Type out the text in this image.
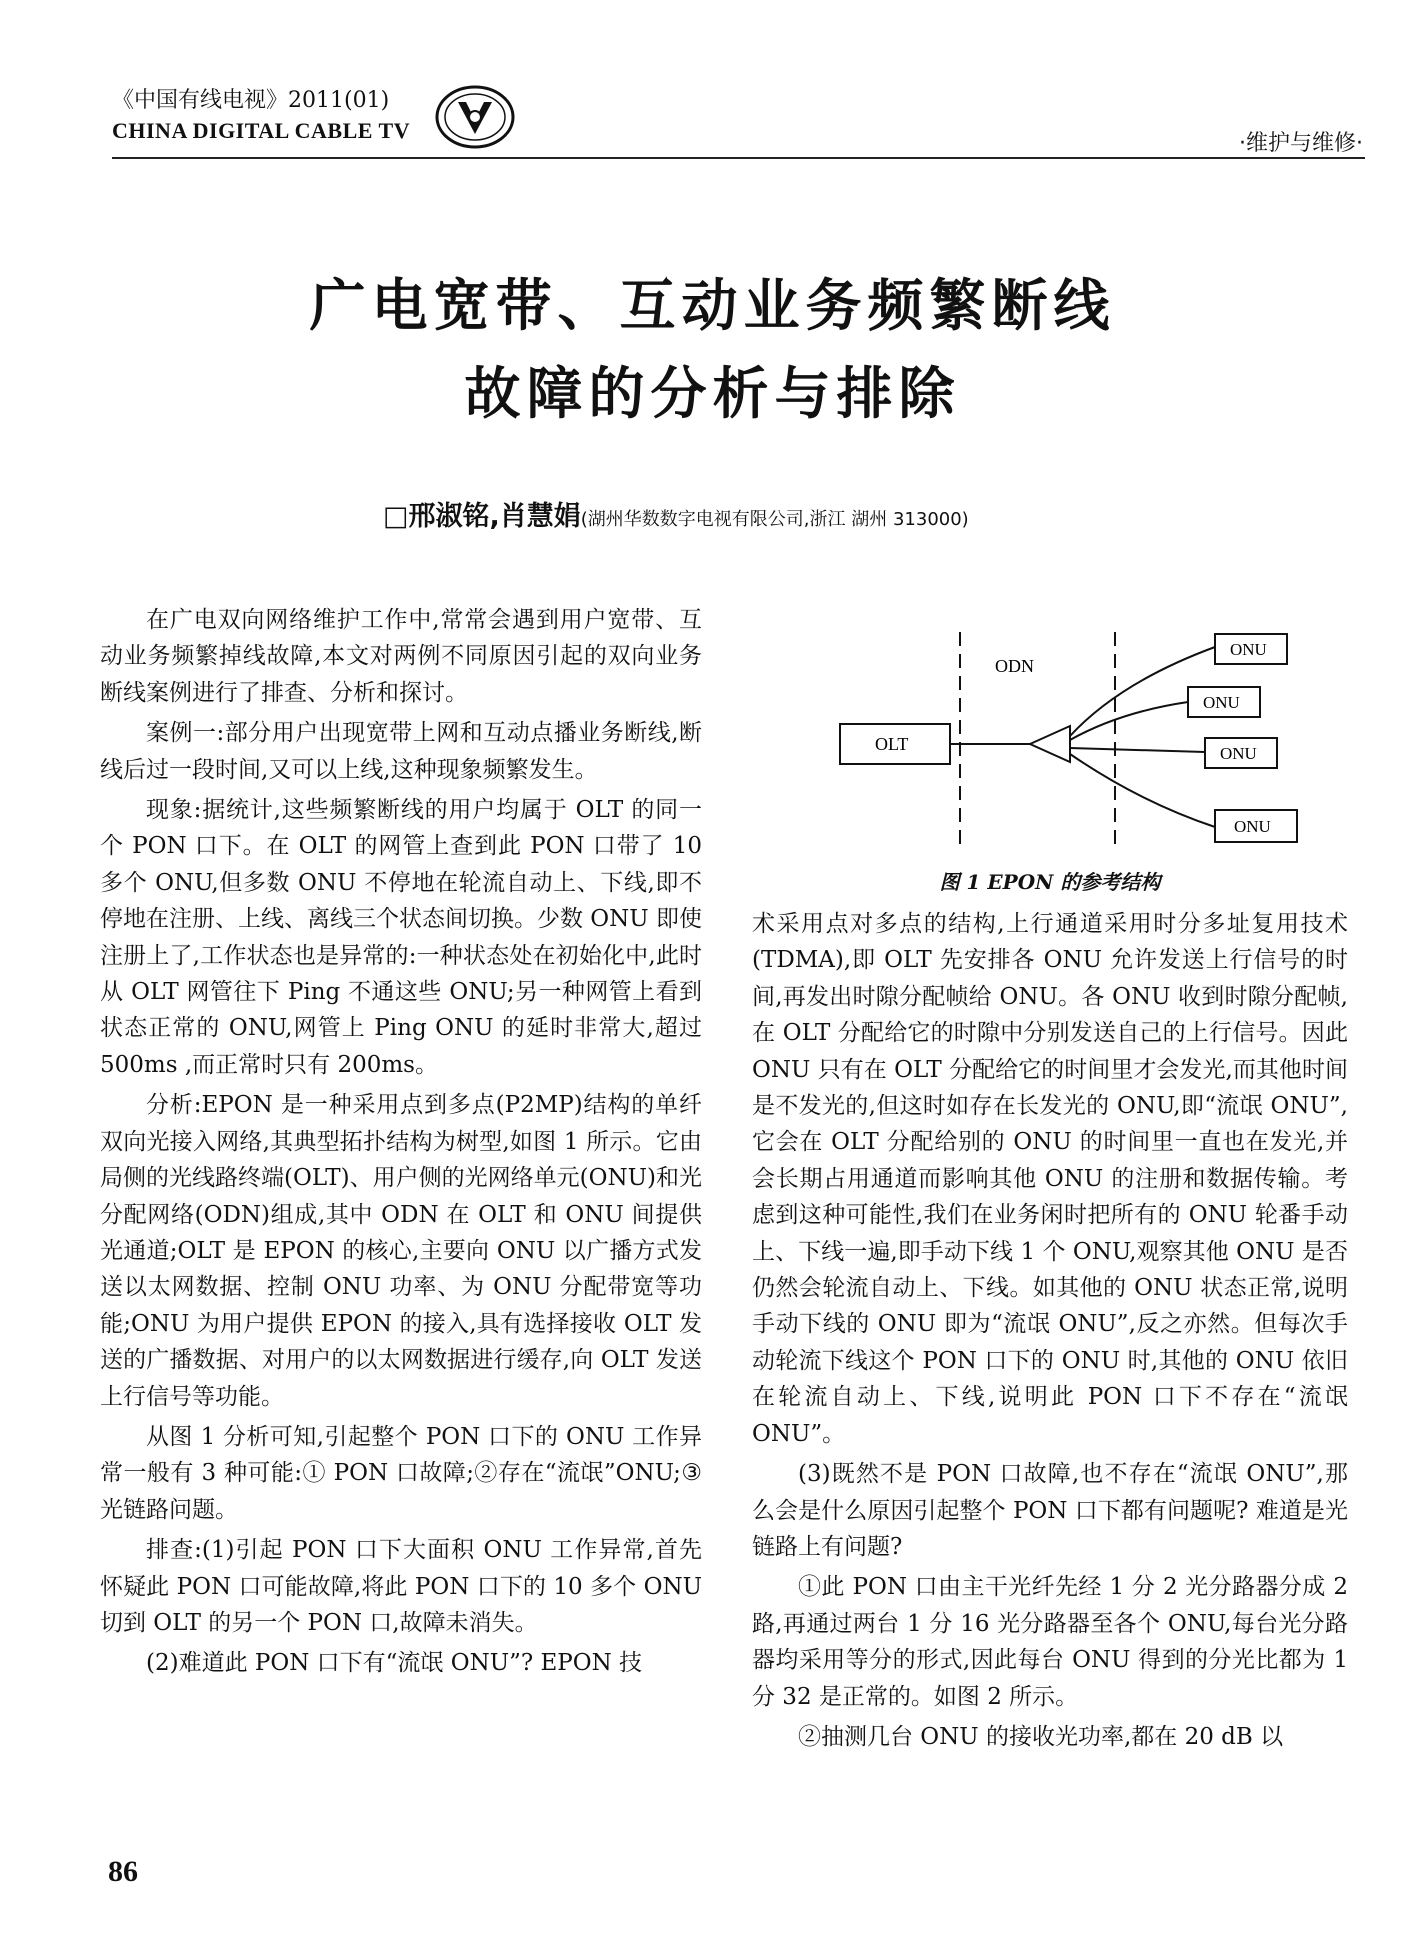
《中国有线电视》2011(01)
CHINA DIGITAL CABLE TV
·维护与维修·
广电宽带、互动业务频繁断线
故障的分析与排除
□邢淑铭,肖慧娟(湖州华数数字电视有限公司,浙江 湖州 313000)

在广电双向网络维护工作中,常常会遇到用户宽带、互动业务频繁掉线故障,本文对两例不同原因引起的双向业务断线案例进行了排查、分析和探讨。

案例一:部分用户出现宽带上网和互动点播业务断线,断线后过一段时间,又可以上线,这种现象频繁发生。

现象:据统计,这些频繁断线的用户均属于 OLT 的同一个 PON 口下。在 OLT 的网管上查到此 PON 口带了 10 多个 ONU,但多数 ONU 不停地在轮流自动上、下线,即不停地在注册、上线、离线三个状态间切换。少数 ONU 即使注册上了,工作状态也是异常的:一种状态处在初始化中,此时从 OLT 网管往下 Ping 不通这些 ONU;另一种网管上看到状态正常的 ONU,网管上 Ping ONU 的延时非常大,超过 500ms ,而正常时只有 200ms。

分析:EPON 是一种采用点到多点(P2MP)结构的单纤双向光接入网络,其典型拓扑结构为树型,如图 1 所示。它由局侧的光线路终端(OLT)、用户侧的光网络单元(ONU)和光分配网络(ODN)组成,其中 ODN 在 OLT 和 ONU 间提供光通道;OLT 是 EPON 的核心,主要向 ONU 以广播方式发送以太网数据、控制 ONU 功率、为 ONU 分配带宽等功能;ONU 为用户提供 EPON 的接入,具有选择接收 OLT 发送的广播数据、对用户的以太网数据进行缓存,向 OLT 发送上行信号等功能。

从图 1 分析可知,引起整个 PON 口下的 ONU 工作异常一般有 3 种可能:① PON 口故障;②存在“流氓”ONU;③光链路问题。

排查:(1)引起 PON 口下大面积 ONU 工作异常,首先怀疑此 PON 口可能故障,将此 PON 口下的 10 多个 ONU 切到 OLT 的另一个 PON 口,故障未消失。

(2)难道此 PON 口下有“流氓 ONU”? EPON 技

ODN
OLT
ONU
ONU
ONU
ONU
图 1 EPON 的参考结构

术采用点对多点的结构,上行通道采用时分多址复用技术(TDMA),即 OLT 先安排各 ONU 允许发送上行信号的时间,再发出时隙分配帧给 ONU。各 ONU 收到时隙分配帧,在 OLT 分配给它的时隙中分别发送自己的上行信号。因此 ONU 只有在 OLT 分配给它的时间里才会发光,而其他时间是不发光的,但这时如存在长发光的 ONU,即“流氓 ONU”,它会在 OLT 分配给别的 ONU 的时间里一直也在发光,并会长期占用通道而影响其他 ONU 的注册和数据传输。考虑到这种可能性,我们在业务闲时把所有的 ONU 轮番手动上、下线一遍,即手动下线 1 个 ONU,观察其他 ONU 是否仍然会轮流自动上、下线。如其他的 ONU 状态正常,说明手动下线的 ONU 即为“流氓 ONU”,反之亦然。但每次手动轮流下线这个 PON 口下的 ONU 时,其他的 ONU 依旧在轮流自动上、下线,说明此 PON 口下不存在“流氓 ONU”。

(3)既然不是 PON 口故障,也不存在“流氓 ONU”,那么会是什么原因引起整个 PON 口下都有问题呢? 难道是光链路上有问题?

①此 PON 口由主干光纤先经 1 分 2 光分路器分成 2 路,再通过两台 1 分 16 光分路器至各个 ONU,每台光分路器均采用等分的形式,因此每台 ONU 得到的分光比都为 1 分 32 是正常的。如图 2 所示。

②抽测几台 ONU 的接收光功率,都在 20 dB 以

86
